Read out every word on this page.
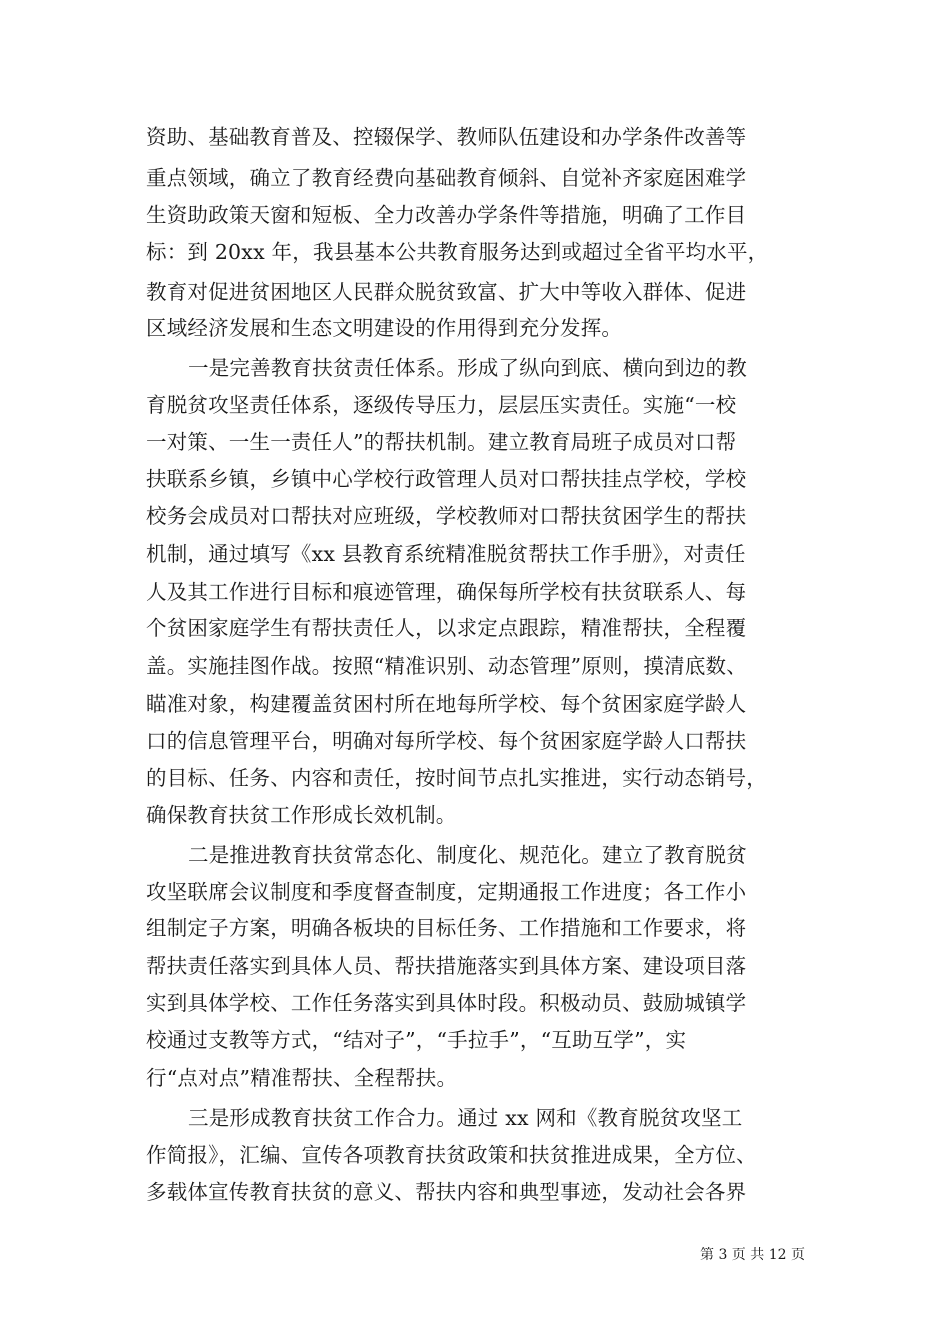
资助、基础教育普及、控辍保学、教师队伍建设和办学条件改善等
重点领域，确立了教育经费向基础教育倾斜、自觉补齐家庭困难学
生资助政策天窗和短板、全力改善办学条件等措施，明确了工作目
标：到 20xx 年，我县基本公共教育服务达到或超过全省平均水平，
教育对促进贫困地区人民群众脱贫致富、扩大中等收入群体、促进
区域经济发展和生态文明建设的作用得到充分发挥。
一是完善教育扶贫责任体系。形成了纵向到底、横向到边的教
育脱贫攻坚责任体系，逐级传导压力，层层压实责任。实施“一校
一对策、一生一责任人”的帮扶机制。建立教育局班子成员对口帮
扶联系乡镇，乡镇中心学校行政管理人员对口帮扶挂点学校，学校
校务会成员对口帮扶对应班级，学校教师对口帮扶贫困学生的帮扶
机制，通过填写《xx 县教育系统精准脱贫帮扶工作手册》，对责任
人及其工作进行目标和痕迹管理，确保每所学校有扶贫联系人、每
个贫困家庭学生有帮扶责任人，以求定点跟踪，精准帮扶，全程覆
盖。实施挂图作战。按照“精准识别、动态管理”原则，摸清底数、
瞄准对象，构建覆盖贫困村所在地每所学校、每个贫困家庭学龄人
口的信息管理平台，明确对每所学校、每个贫困家庭学龄人口帮扶
的目标、任务、内容和责任，按时间节点扎实推进，实行动态销号，
确保教育扶贫工作形成长效机制。
二是推进教育扶贫常态化、制度化、规范化。建立了教育脱贫
攻坚联席会议制度和季度督查制度，定期通报工作进度；各工作小
组制定子方案，明确各板块的目标任务、工作措施和工作要求，将
帮扶责任落实到具体人员、帮扶措施落实到具体方案、建设项目落
实到具体学校、工作任务落实到具体时段。积极动员、鼓励城镇学
校通过支教等方式，“结对子”，“手拉手”，“互助互学”，实
行“点对点”精准帮扶、全程帮扶。
三是形成教育扶贫工作合力。通过 xx 网和《教育脱贫攻坚工
作简报》，汇编、宣传各项教育扶贫政策和扶贫推进成果，全方位、
多载体宣传教育扶贫的意义、帮扶内容和典型事迹，发动社会各界
第 3 页 共 12 页
